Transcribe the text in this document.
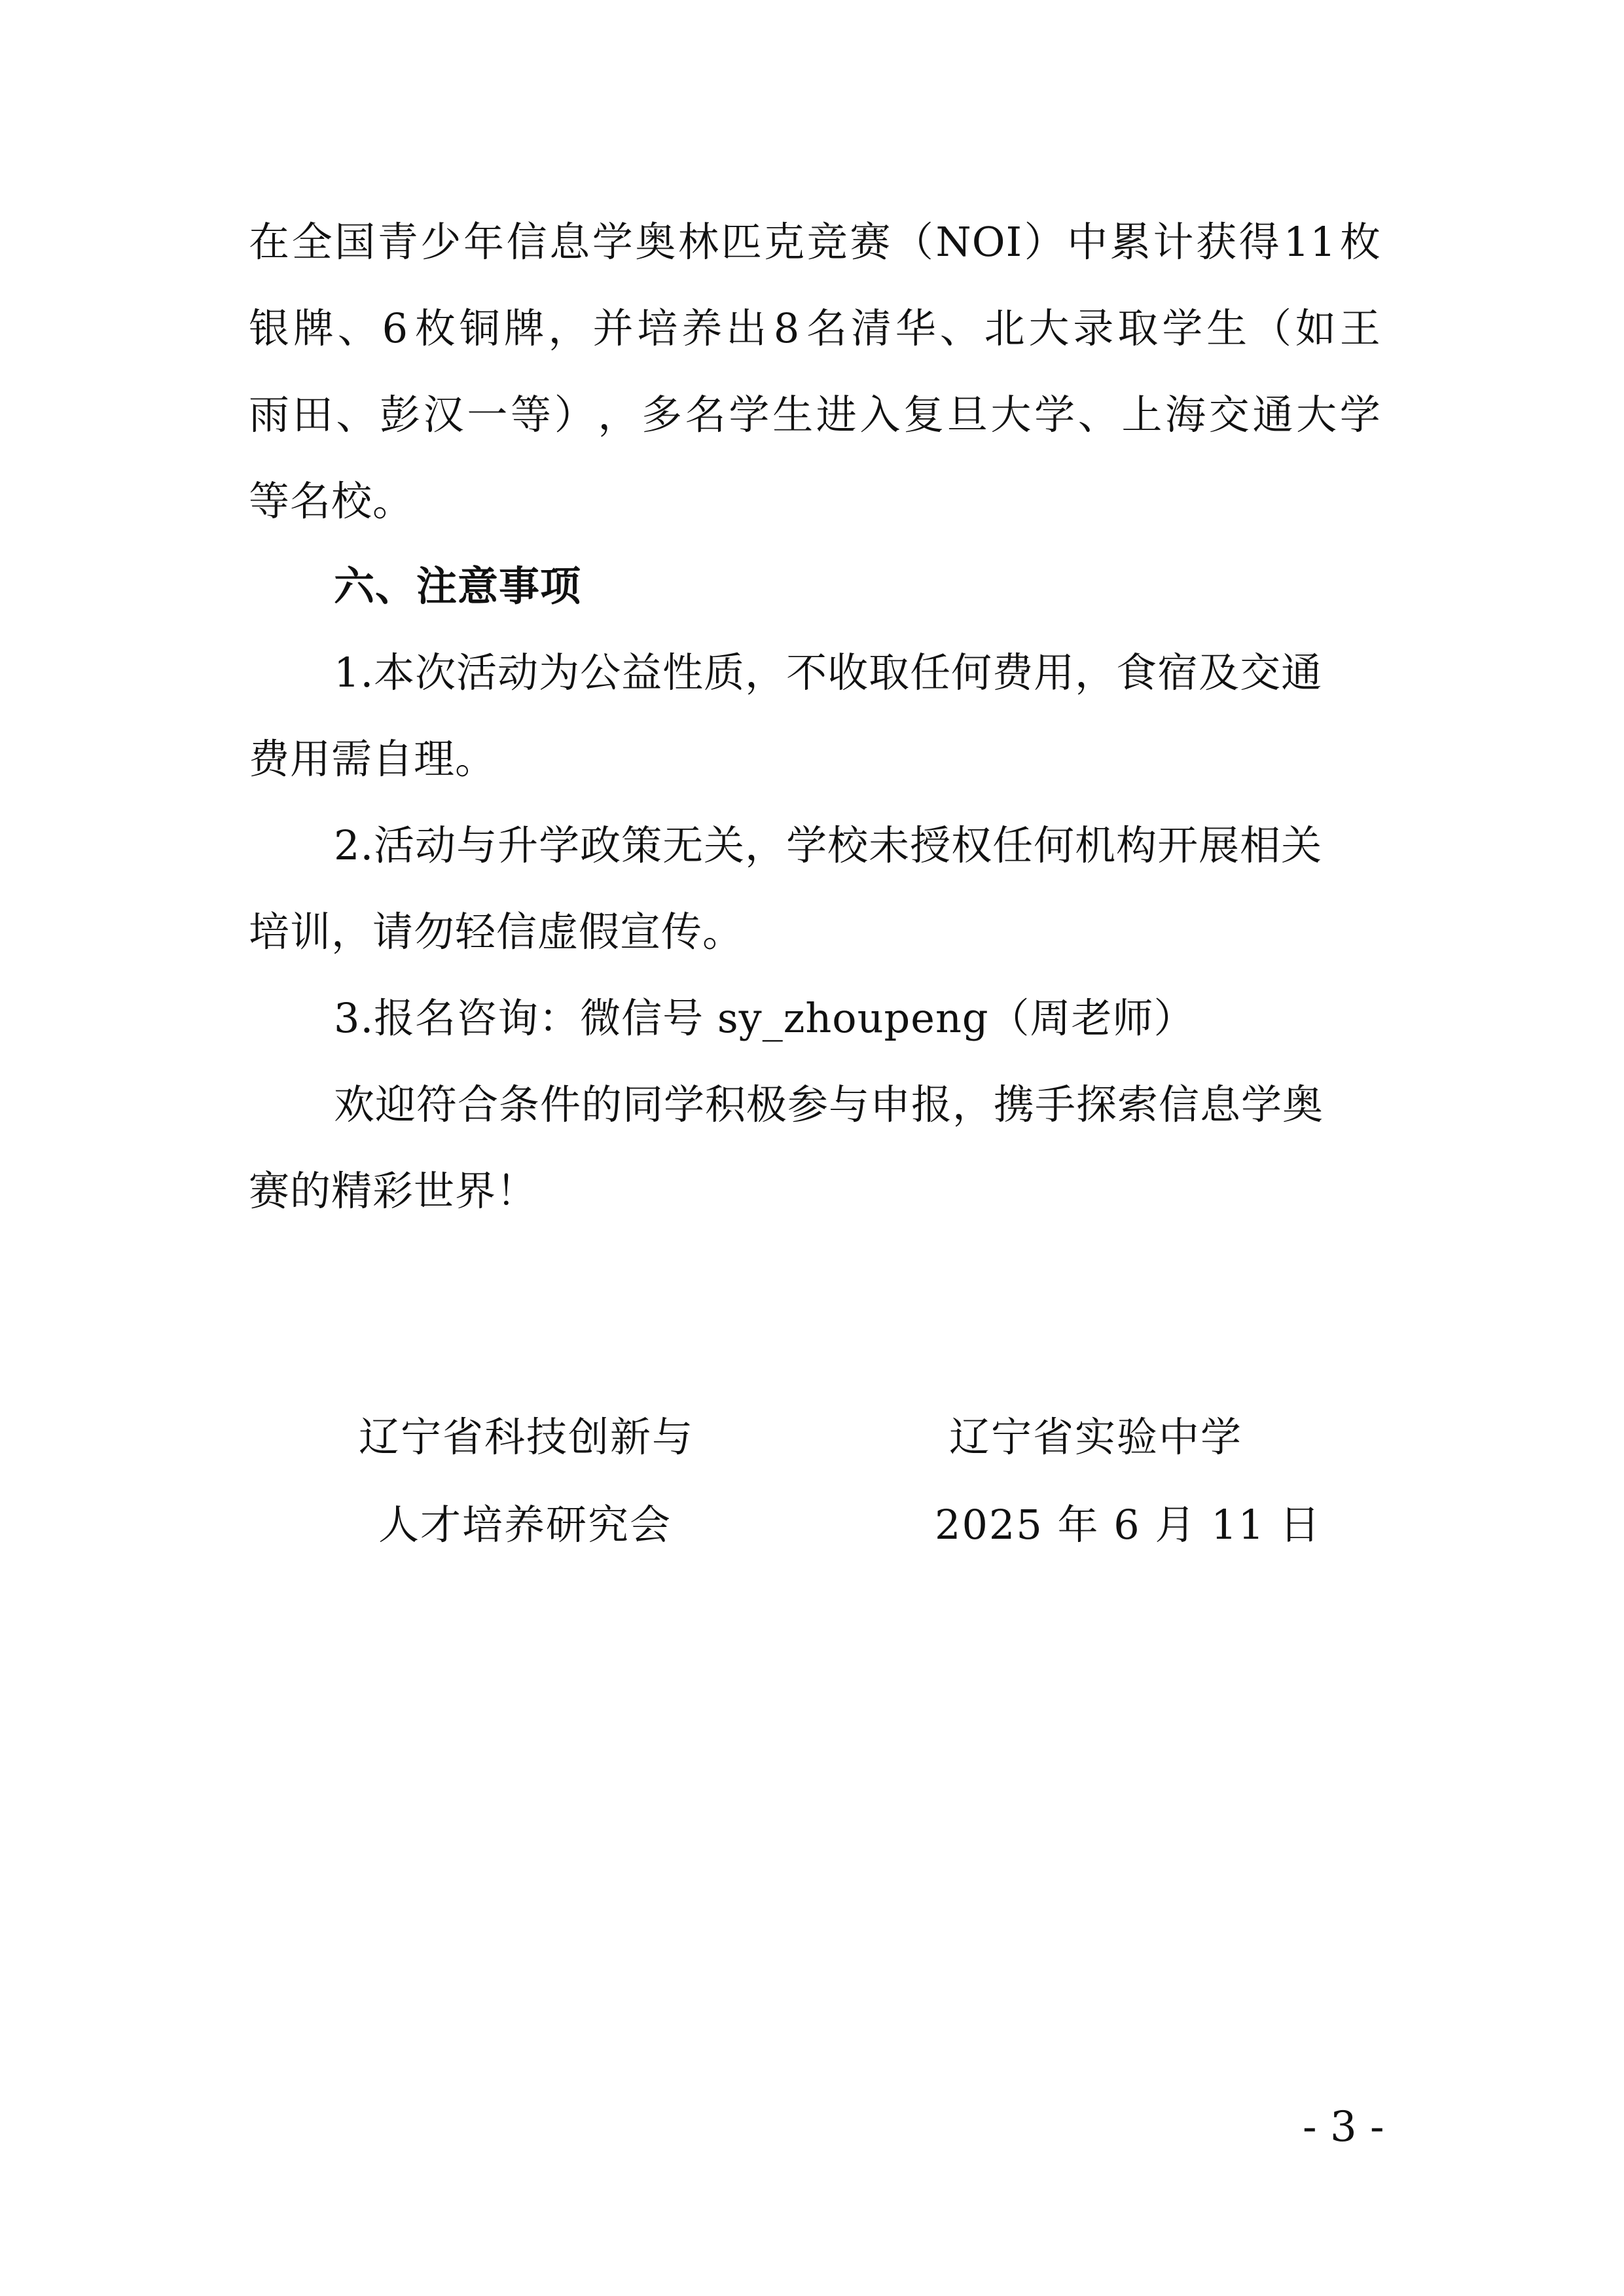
在 全 国 青 少 年 信 息 学 奥 林 匹 克 竞 赛 （ NOI ） 中 累 计 获 得 11 枚
银 牌 、 6 枚 铜 牌 ， 并 培 养 出 8 名 清 华 、 北 大 录 取 学 生 （ 如 王
雨 田 、 彭 汉 一 等 ） ， 多 名 学 生 进 入 复 旦 大 学 、 上 海 交 通 大 学
等名校。
六、注意事项
1.本次活动为公益性质，不收取任何费用，食宿及交通
费用需自理。
2.活动与升学政策无关，学校未授权任何机构开展相关
培训，请勿轻信虚假宣传。
3.报名咨询：微信号 sy_zhoupeng（周老师）
欢迎符合条件的同学积极参与申报，携手探索信息学奥
赛的精彩世界！
辽宁省科技创新与
人才培养研究会
辽宁省实验中学
2025 年 6 月 11 日
- 3 -
